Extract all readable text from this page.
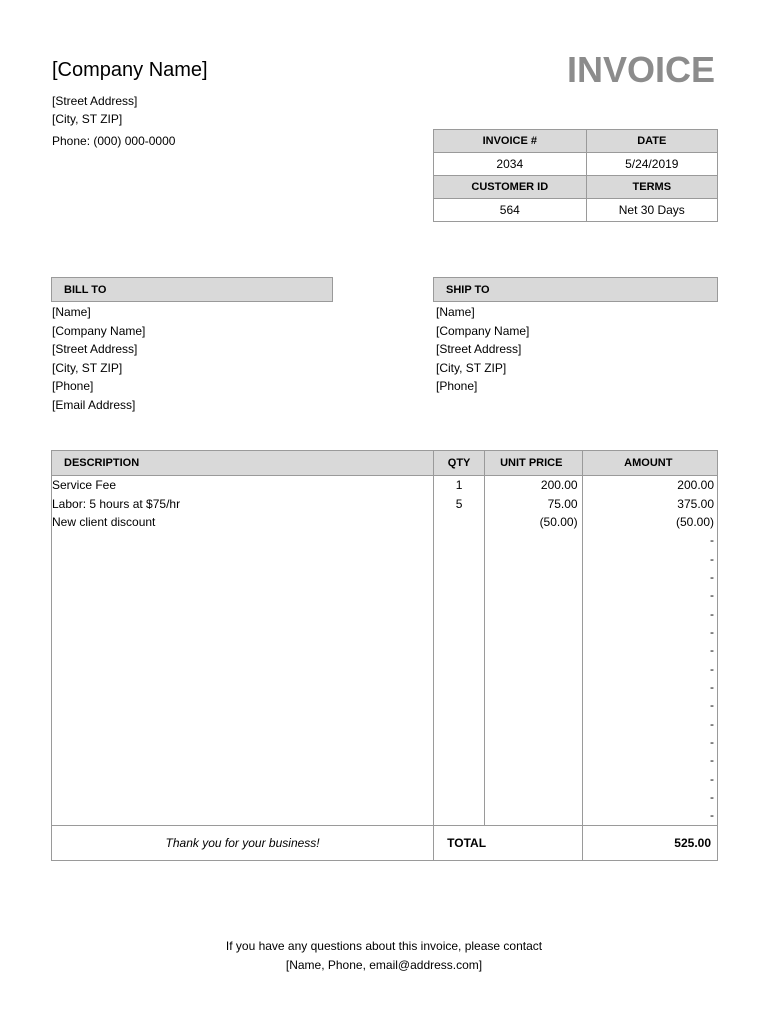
[Company Name]	INVOICE
[Street Address]
[City, ST ZIP]
Phone: (000) 000-0000	INVOICE #	DATE
2034	5/24/2019
CUSTOMER ID	TERMS
564	Net 30 Days
BILL TO
[Name]
[Company Name]
[Street Address]
[City, ST ZIP]
[Phone]
[Email Address]
SHIP TO
[Name]
[Company Name]
[Street Address]
[City, ST ZIP]
[Phone]
DESCRIPTION	QTY	UNIT PRICE	AMOUNT
Service Fee	1	200.00	200.00
Labor: 5 hours at $75/hr	5	75.00	375.00
New client discount		(50.00)	(50.00)
			-
			-
			-
			-
			-
			-
			-
			-
			-
			-
			-
			-
			-
			-
			-
			-
Thank you for your business!	TOTAL		525.00
If you have any questions about this invoice, please contact
[Name, Phone, email@address.com]
